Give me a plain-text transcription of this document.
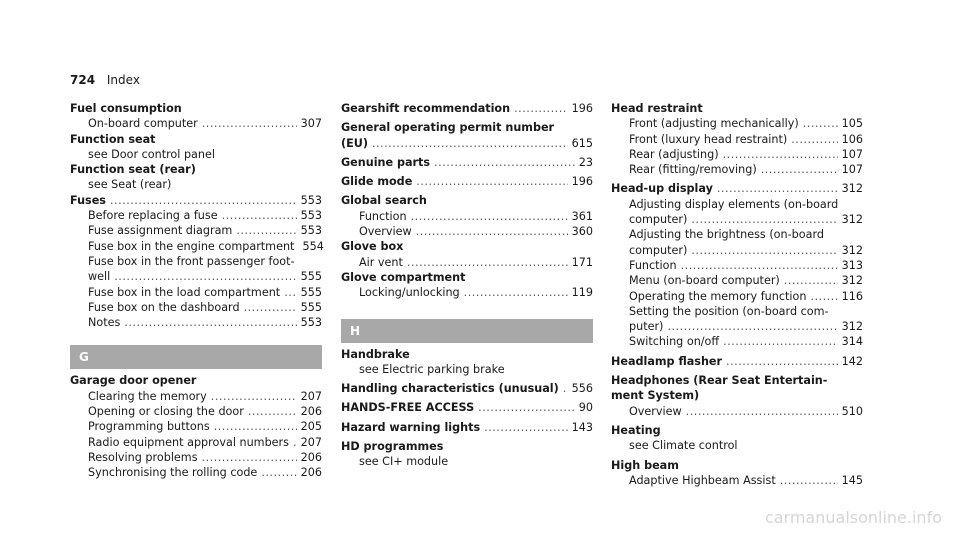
724 Index
Fuel consumption
On-board computer .....	307
Function seat
see Door control panel
Function seat (rear)
see Seat (rear)
Fuses .....	553
Before replacing a fuse .....	553
Fuse assignment diagram .....	553
Fuse box in the engine compartment 554
Fuse box in the front passenger foot-
well .....	555
Fuse box in the load compartment ..... 555
Fuse box on the dashboard .....	555
Notes .....	553
G
Garage door opener
Clearing the memory .....	207
Opening or closing the door .....	206
Programming buttons .....	205
Radio equipment approval numbers ..... 207
Resolving problems .....	206
Synchronising the rolling code .....	206
Gearshift recommendation .....	196
General operating permit number
(EU) .....	615
Genuine parts .....	23
Glide mode .....	196
Global search
Function .....	361
Overview .....	360
Glove box
Air vent .....	171
Glove compartment
Locking/unlocking .....	119
H
Handbrake
see Electric parking brake
Handling characteristics (unusual) ..... 556
HANDS-FREE ACCESS .....	90
Hazard warning lights .....	143
HD programmes
see CI+ module
Head restraint
Front (adjusting mechanically) .....	105
Front (luxury head restraint) .....	106
Rear (adjusting) .....	107
Rear (fitting/removing) .....	107
Head-up display .....	312
Adjusting display elements (on-board
computer) .....	312
Adjusting the brightness (on-board
computer) .....	312
Function .....	313
Menu (on-board computer) .....	312
Operating the memory function .....	116
Setting the position (on-board com-
puter) .....	312
Switching on/off .....	314
Headlamp flasher .....	142
Headphones (Rear Seat Entertain-
ment System)
Overview .....	510
Heating
see Climate control
High beam
Adaptive Highbeam Assist .....	145
carmanualsonline.info
